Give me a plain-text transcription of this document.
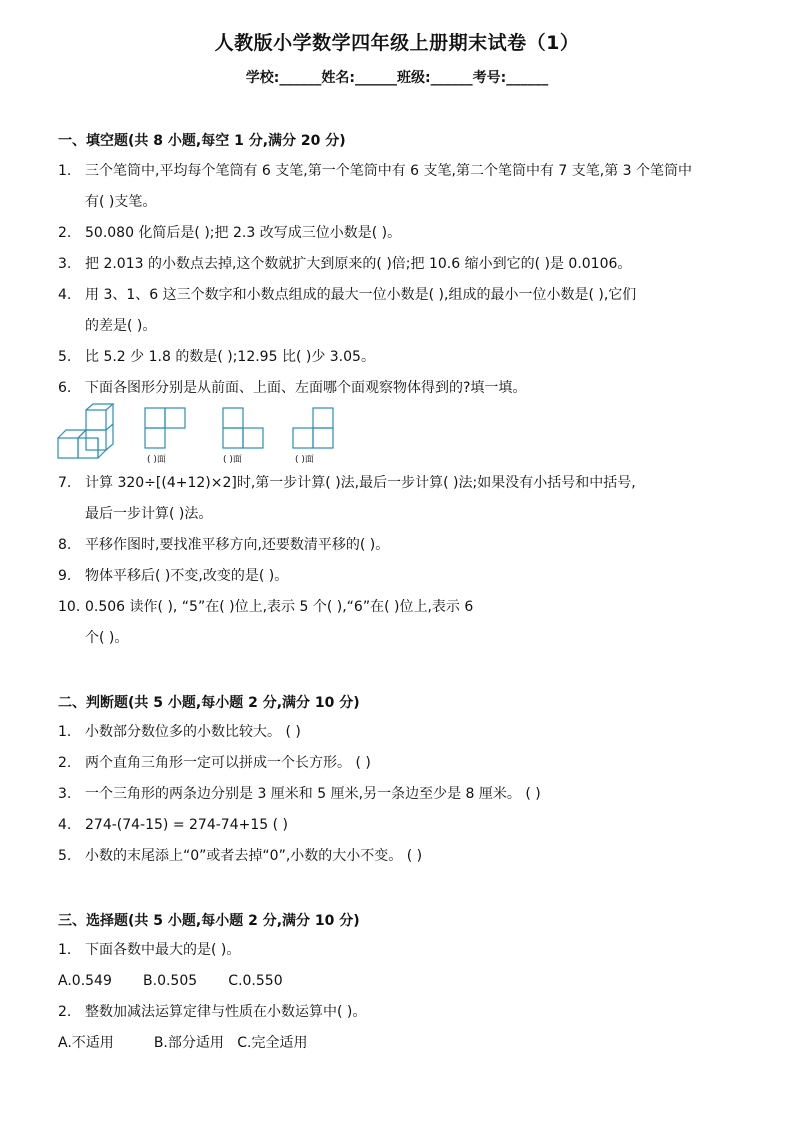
人教版小学数学四年级上册期末试卷（1）
学校:______姓名:______班级:______考号:______
一、填空题(共 8 小题,每空 1 分,满分 20 分)
1. 三个笔筒中,平均每个笔筒有 6 支笔,第一个笔筒中有 6 支笔,第二个笔筒中有 7 支笔,第 3 个笔筒中
有( )支笔。
2. 50.080 化简后是( );把 2.3 改写成三位小数是( )。
3. 把 2.013 的小数点去掉,这个数就扩大到原来的( )倍;把 10.6 缩小到它的( )是 0.0106。
4. 用 3、1、6 这三个数字和小数点组成的最大一位小数是( ),组成的最小一位小数是( ),它们
的差是( )。
5. 比 5.2 少 1.8 的数是( );12.95 比( )少 3.05。
6. 下面各图形分别是从前面、上面、左面哪个面观察物体得到的?填一填。
( )面	( )面	( )面
7. 计算 320÷[(4+12)×2]时,第一步计算( )法,最后一步计算( )法;如果没有小括号和中括号,
最后一步计算( )法。
8. 平移作图时,要找准平移方向,还要数清平移的( )。
9. 物体平移后( )不变,改变的是( )。
10. 0.506 读作( ), “5”在( )位上,表示 5 个( ),“6”在( )位上,表示 6
个( )。
二、判断题(共 5 小题,每小题 2 分,满分 10 分)
1. 小数部分数位多的小数比较大。 ( )
2. 两个直角三角形一定可以拼成一个长方形。 ( )
3. 一个三角形的两条边分别是 3 厘米和 5 厘米,另一条边至少是 8 厘米。 ( )
4. 274-(74-15) = 274-74+15 ( )
5. 小数的末尾添上“0”或者去掉“0”,小数的大小不变。 ( )
三、选择题(共 5 小题,每小题 2 分,满分 10 分)
1. 下面各数中最大的是( )。
A.0.549       B.0.505       C.0.550
2. 整数加减法运算定律与性质在小数运算中( )。
A.不适用         B.部分适用   C.完全适用
